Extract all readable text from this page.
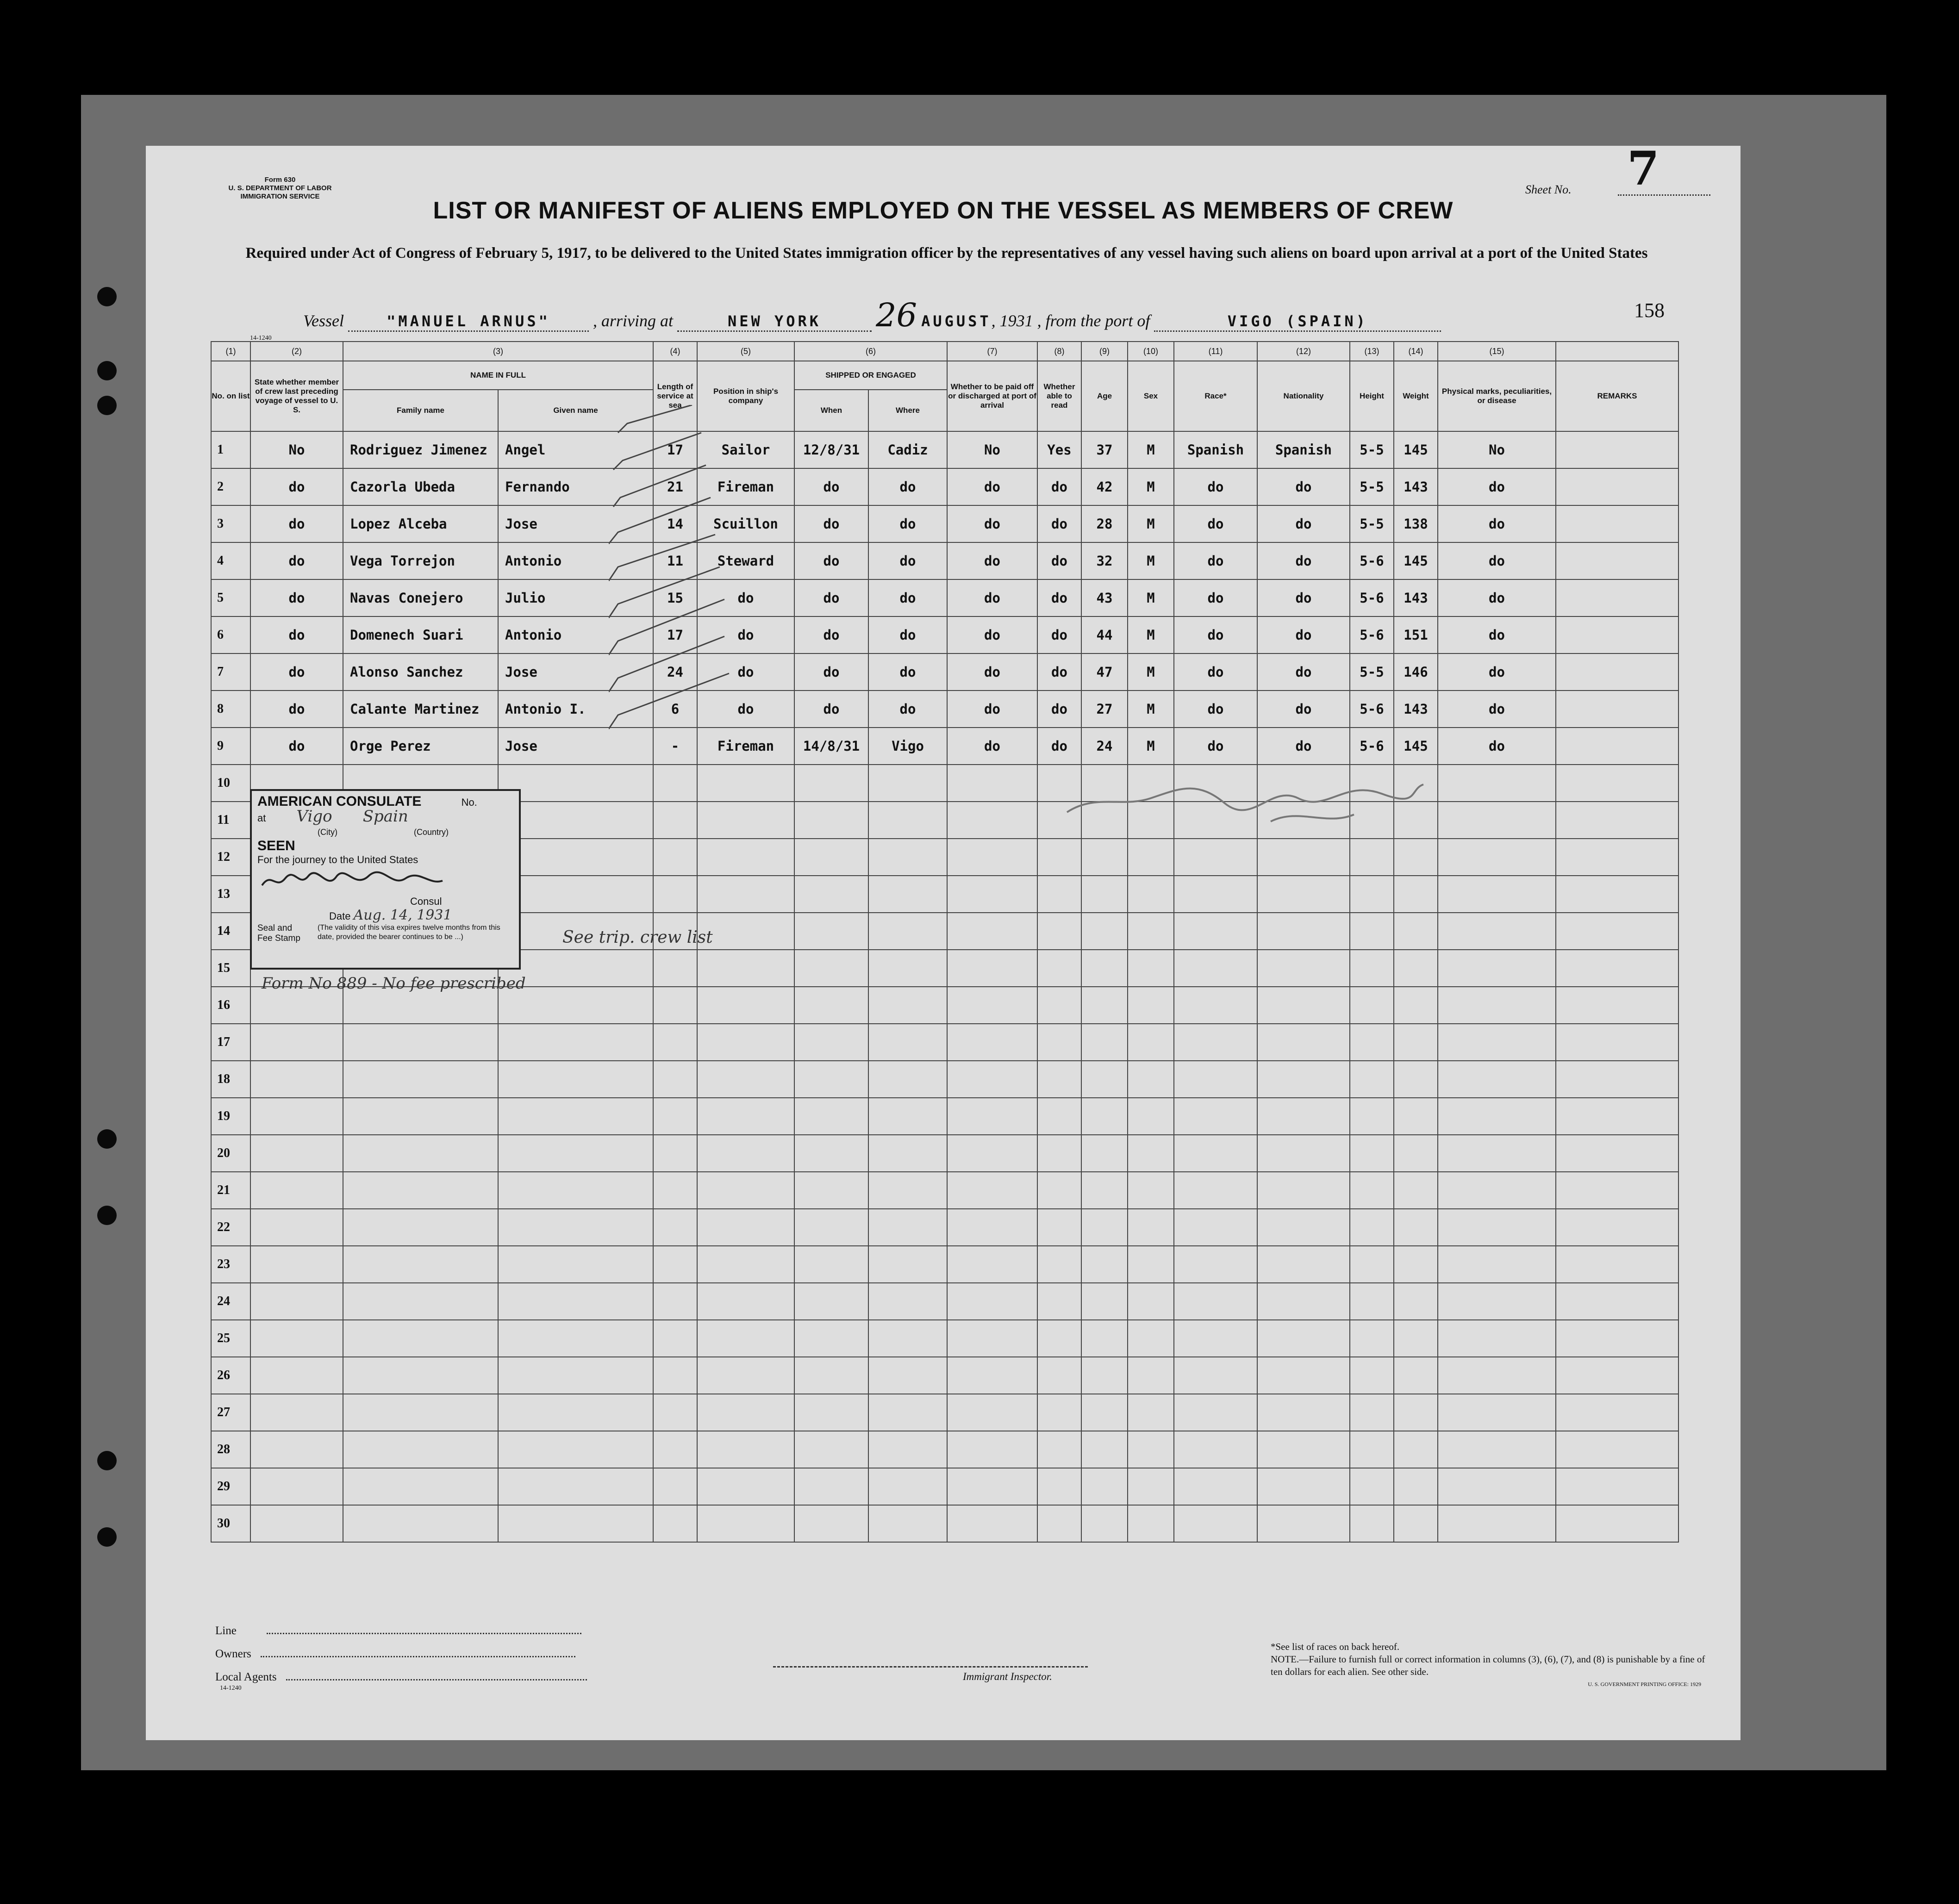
Form 630
U. S. DEPARTMENT OF LABOR
IMMIGRATION SERVICE
Sheet No. 7
LIST OR MANIFEST OF ALIENS EMPLOYED ON THE VESSEL AS MEMBERS OF CREW
Required under Act of Congress of February 5, 1917, to be delivered to the United States immigration officer by the representatives of any vessel having such aliens on board upon arrival at a port of the United States
Vessel	"MANUEL ARNUS"	, arriving at	NEW YORK 26 AUGUST, 1931 , from the port of	VIGO (SPAIN)	158
14-1240
(1)	(2)	(3)		(4)	(5)	(6)		(7)	(8)	(9)	(10)	(11)	(12)	(13)	(14)	(15)	
No. on list	State whether member of crew last preceding voyage of vessel to U. S.	NAME IN FULL		Length of service at sea	Position in ship's company	SHIPPED OR ENGAGED		Whether to be paid off or discharged at port of arrival	Whether able to read	Age	Sex	Race*	Nationality	Height	Weight	Physical marks, peculiarities, or disease	REMARKS
		Family name	Given name			When	Where										
1	No	Rodriguez Jimenez	Angel	17	Sailor	12/8/31	Cadiz	No	Yes	37	M	Spanish	Spanish	5-5	145	No	
2	do	Cazorla Ubeda	Fernando	21	Fireman	do	do	do	do	42	M	do	do	5-5	143	do	
3	do	Lopez Alceba	Jose	14	Scuillon	do	do	do	do	28	M	do	do	5-5	138	do	
4	do	Vega Torrejon	Antonio	11	Steward	do	do	do	do	32	M	do	do	5-6	145	do	
5	do	Navas Conejero	Julio	15	do	do	do	do	do	43	M	do	do	5-6	143	do	
6	do	Domenech Suari	Antonio	17	do	do	do	do	do	44	M	do	do	5-6	151	do	
7	do	Alonso Sanchez	Jose	24	do	do	do	do	do	47	M	do	do	5-5	146	do	
8	do	Calante Martinez	Antonio I.	6	do	do	do	do	do	27	M	do	do	5-6	143	do	
9	do	Orge Perez	Jose	-	Fireman	14/8/31	Vigo	do	do	24	M	do	do	5-6	145	do	
10																	
11																	
12																	
13																	
14																	
15																	
16																	
17																	
18																	
19																	
20																	
21																	
22																	
23																	
24																	
25																	
26																	
27																	
28																	
29																	
30																	
AMERICAN CONSULATE	No.
at Vigo Spain
(City)	(Country)
SEEN
For the journey to the United States
Consul
Date Aug. 14, 1931
Seal and
Fee Stamp
(The validity of this visa expires twelve months from this date, provided the bearer continues to be ...)	See trip. crew list
Form No 889 - No fee prescribed
Line
Owners
Local Agents
14-1240
Immigrant Inspector.
*See list of races on back hereof.
NOTE.—Failure to furnish full or correct information in columns (3), (6), (7), and (8) is punishable by a fine of ten dollars for each alien. See other side.
U. S. GOVERNMENT PRINTING OFFICE: 1929
